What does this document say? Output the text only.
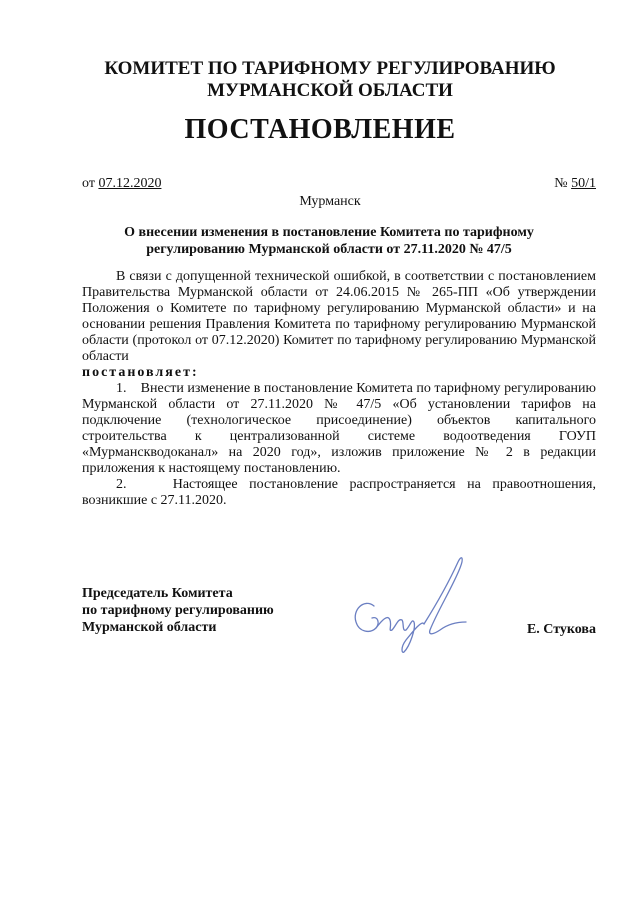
КОМИТЕТ ПО ТАРИФНОМУ РЕГУЛИРОВАНИЮ
МУРМАНСКОЙ ОБЛАСТИ
ПОСТАНОВЛЕНИЕ
от 07.12.2020	№ 50/1
Мурманск
О внесении изменения в постановление Комитета по тарифному
регулированию Мурманской области от 27.11.2020 № 47/5

В связи с допущенной технической ошибкой, в соответствии с постановлением Правительства Мурманской области от 24.06.2015 № 265-ПП «Об утверждении Положения о Комитете по тарифному регулированию Мурманской области» и на основании решения Правления Комитета по тарифному регулированию Мурманской области (протокол от 07.12.2020) Комитет по тарифному регулированию Мурманской области

постановляет:

1.    Внести изменение в постановление Комитета по тарифному регулированию Мурманской области от 27.11.2020 № 47/5 «Об установлении тарифов на подключение (технологическое присоединение) объектов капитального строительства к централизованной системе водоотведения ГОУП «Мурманскводоканал» на 2020 год», изложив приложение № 2 в редакции приложения к настоящему постановлению.

2.    Настоящее постановление распространяется на правоотношения, возникшие с 27.11.2020.

Председатель Комитета
по тарифному регулированию
Мурманской области	Е. Стукова
